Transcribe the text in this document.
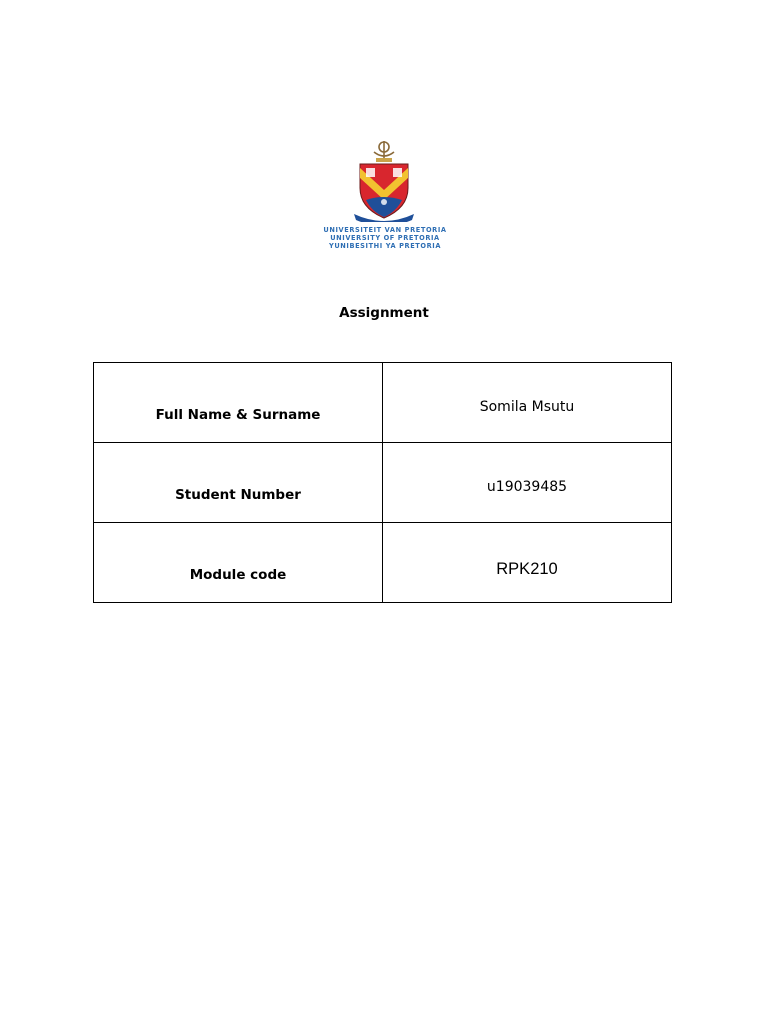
UNIVERSITEIT VAN PRETORIA
UNIVERSITY OF PRETORIA
YUNIBESITHI YA PRETORIA
Assignment
Full Name & Surname	Somila Msutu

Student Number	u19039485

Module code	RPK210
